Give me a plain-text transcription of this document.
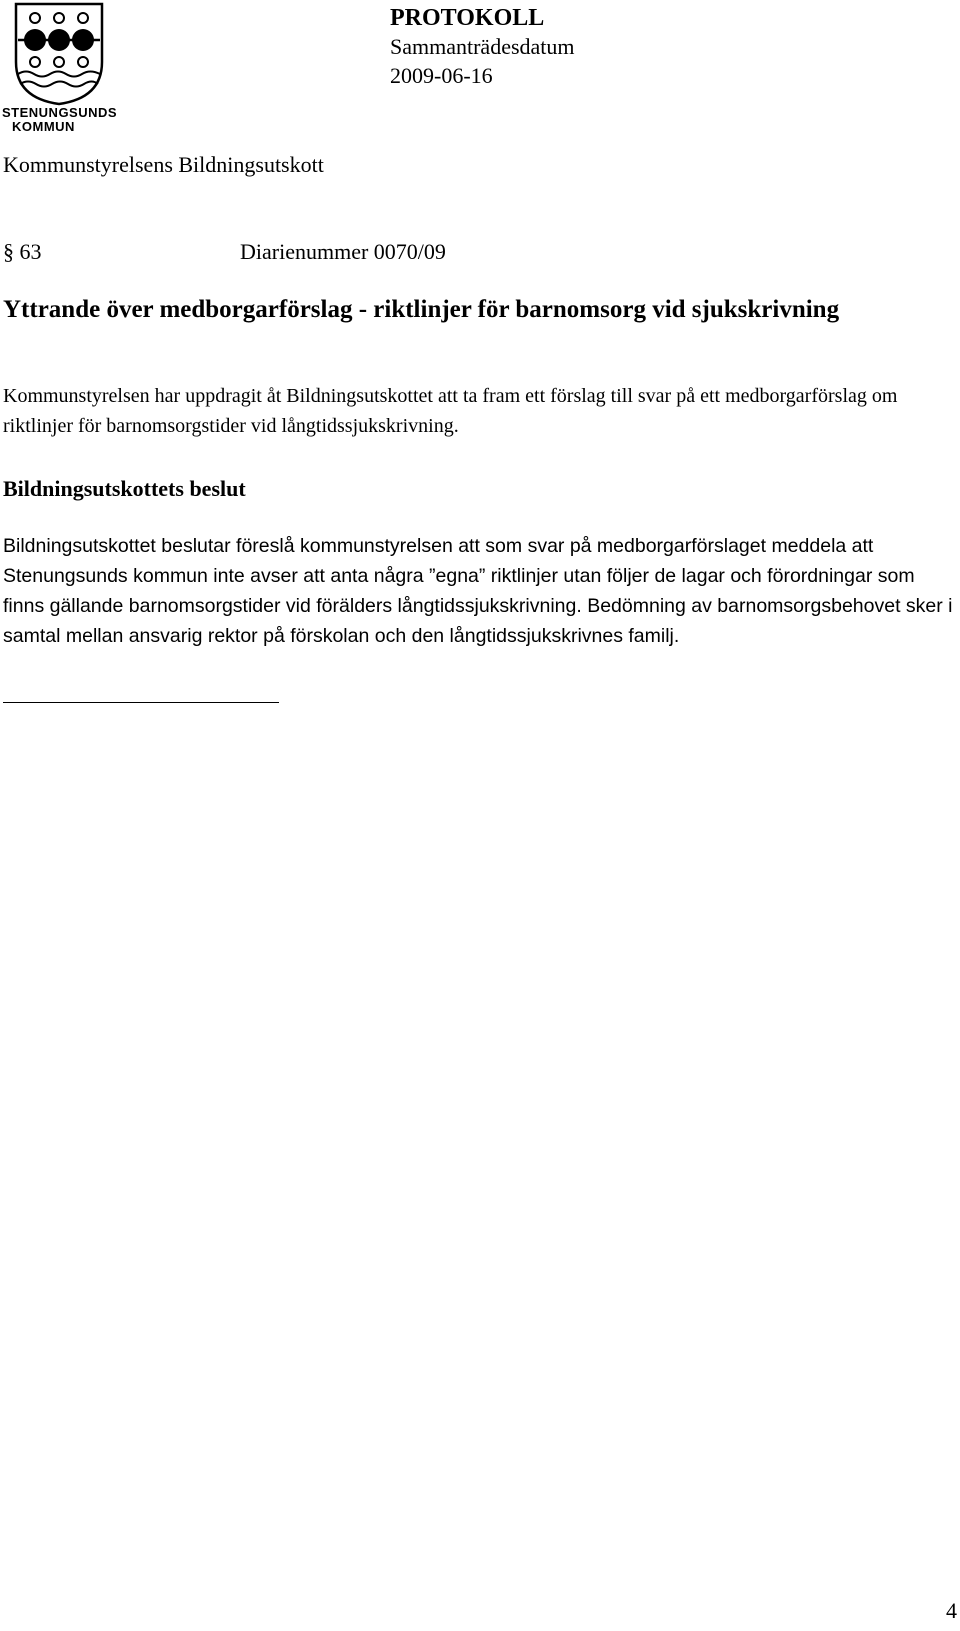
STENUNGSUNDS
KOMMUN
PROTOKOLL
Sammanträdesdatum
2009-06-16
Kommunstyrelsens Bildningsutskott
§ 63	Diarienummer 0070/09
Yttrande över medborgarförslag - riktlinjer för barnomsorg vid sjukskrivning
Kommunstyrelsen har uppdragit åt Bildningsutskottet att ta fram ett förslag till svar på ett medborgarförslag om riktlinjer för barnomsorgstider vid långtidssjukskrivning.
Bildningsutskottets beslut
Bildningsutskottet beslutar föreslå kommunstyrelsen att som svar på medborgarförslaget meddela att Stenungsunds kommun inte avser att anta några ”egna” riktlinjer utan följer de lagar och förordningar som finns gällande barnomsorgstider vid förälders långtidssjukskrivning. Bedömning av barnomsorgsbehovet sker i samtal mellan ansvarig rektor på förskolan och den långtidssjukskrivnes familj.
4
